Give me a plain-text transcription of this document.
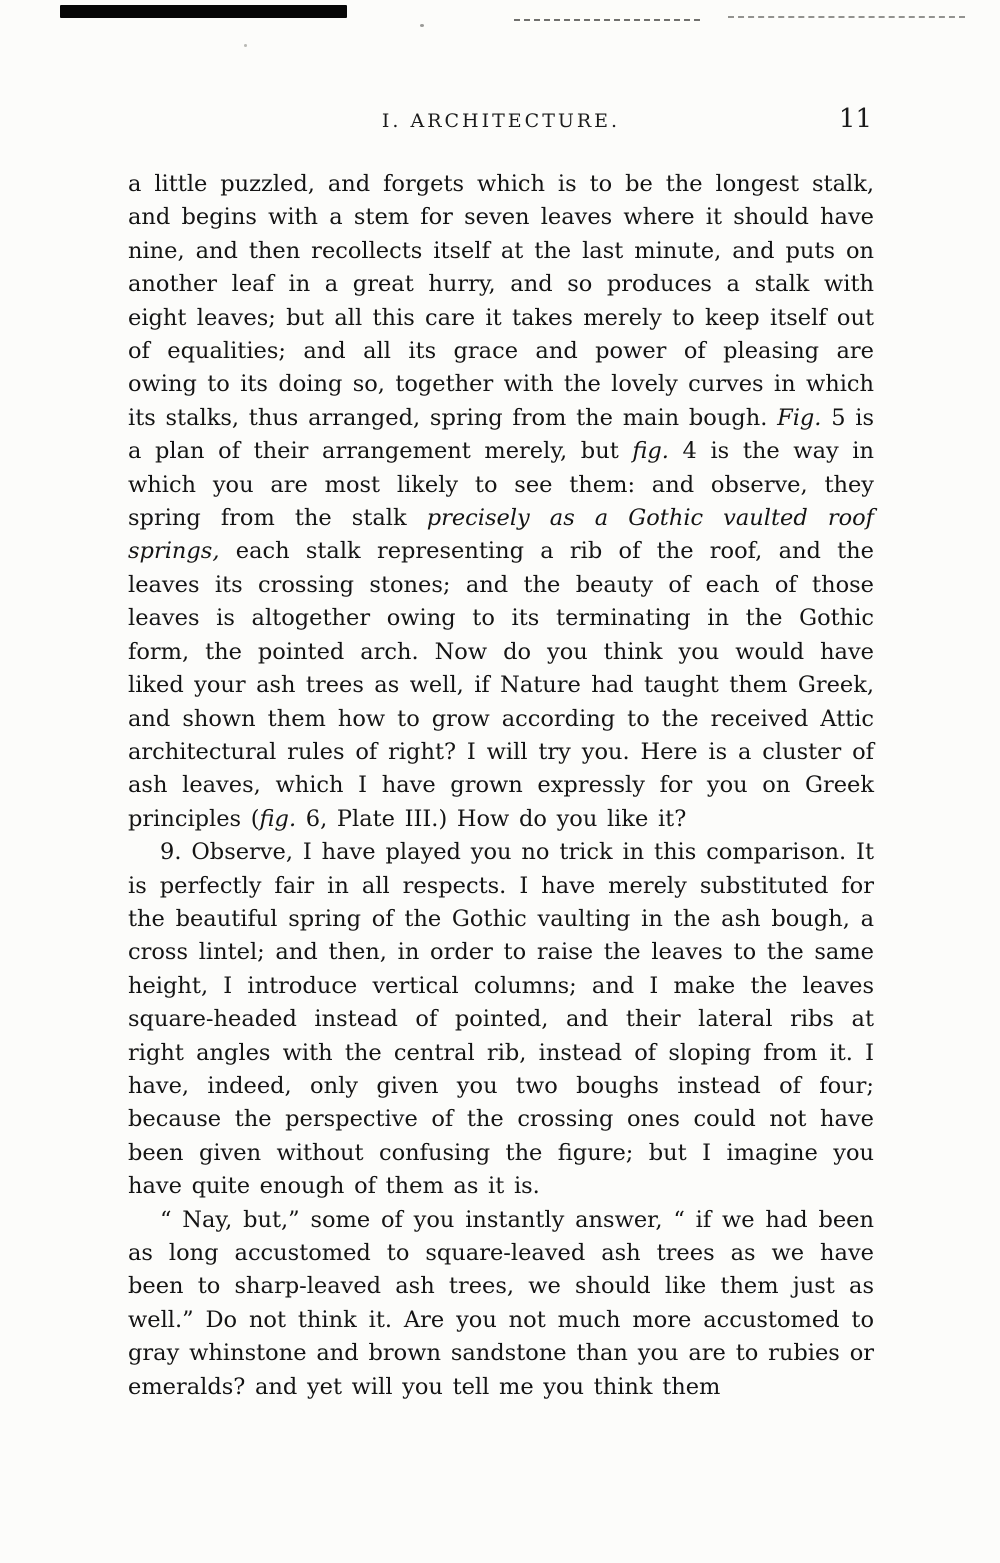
I. ARCHITECTURE.	11

a little puzzled, and forgets which is to be the longest stalk, and begins with a stem for seven leaves where it should have nine, and then recollects itself at the last minute, and puts on another leaf in a great hurry, and so produces a stalk with eight leaves; but all this care it takes merely to keep itself out of equalities; and all its grace and power of pleasing are owing to its doing so, together with the lovely curves in which its stalks, thus arranged, spring from the main bough. Fig. 5 is a plan of their arrangement merely, but fig. 4 is the way in which you are most likely to see them: and observe, they spring from the stalk precisely as a Gothic vaulted roof springs, each stalk representing a rib of the roof, and the leaves its crossing stones; and the beauty of each of those leaves is altogether owing to its terminating in the Gothic form, the pointed arch. Now do you think you would have liked your ash trees as well, if Nature had taught them Greek, and shown them how to grow according to the received Attic architectural rules of right? I will try you. Here is a cluster of ash leaves, which I have grown expressly for you on Greek principles (fig. 6, Plate III.) How do you like it?

9. Observe, I have played you no trick in this comparison. It is perfectly fair in all respects. I have merely substituted for the beautiful spring of the Gothic vaulting in the ash bough, a cross lintel; and then, in order to raise the leaves to the same height, I introduce vertical columns; and I make the leaves square-headed instead of pointed, and their lateral ribs at right angles with the central rib, instead of sloping from it. I have, indeed, only given you two boughs instead of four; because the perspective of the crossing ones could not have been given without confusing the figure; but I imagine you have quite enough of them as it is.

“ Nay, but,” some of you instantly answer, “ if we had been as long accustomed to square-leaved ash trees as we have been to sharp-leaved ash trees, we should like them just as well.” Do not think it. Are you not much more accustomed to gray whinstone and brown sandstone than you are to rubies or emeralds? and yet will you tell me you think them
